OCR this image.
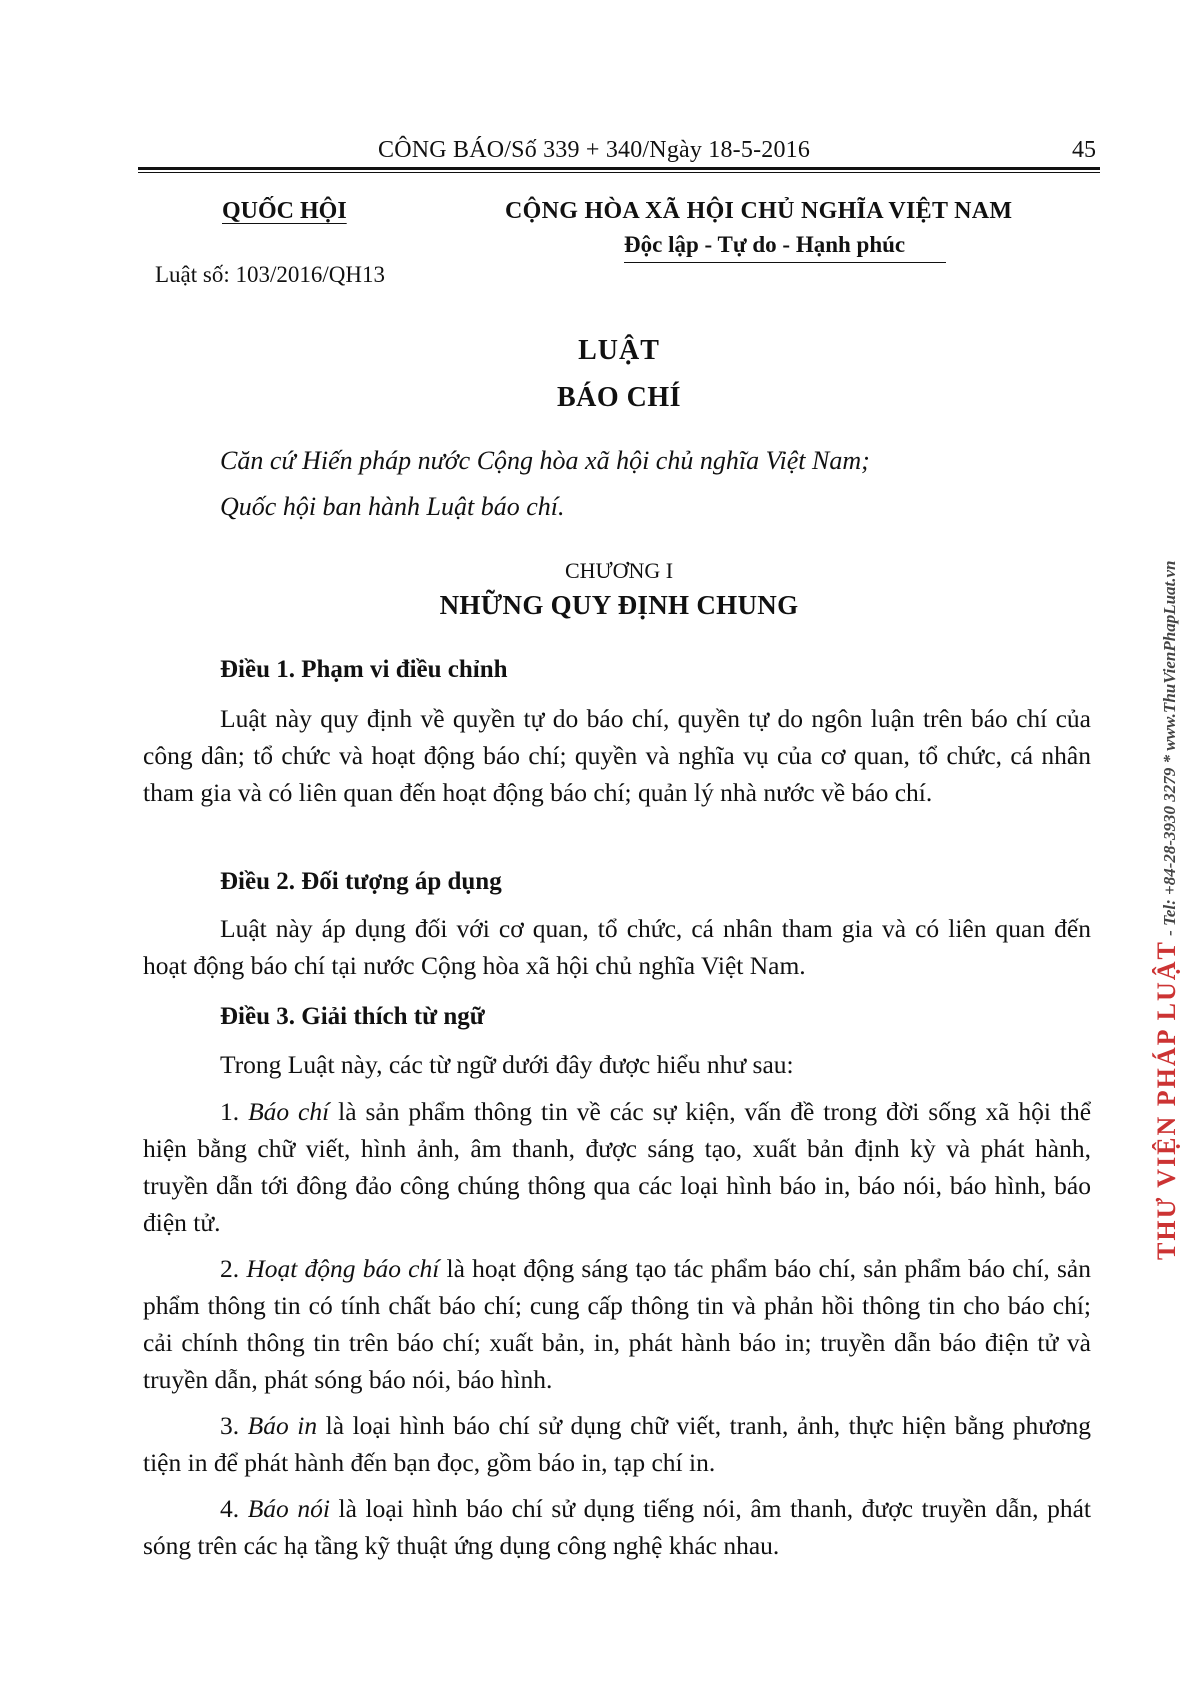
CÔNG BÁO/Số 339 + 340/Ngày 18-5-2016	45
QUỐC HỘI
Luật số: 103/2016/QH13
CỘNG HÒA XÃ HỘI CHỦ NGHĨA VIỆT NAM
Độc lập - Tự do - Hạnh phúc
LUẬT
BÁO CHÍ
Căn cứ Hiến pháp nước Cộng hòa xã hội chủ nghĩa Việt Nam;
Quốc hội ban hành Luật báo chí.
CHƯƠNG I
NHỮNG QUY ĐỊNH CHUNG
Điều 1. Phạm vi điều chỉnh
Luật này quy định về quyền tự do báo chí, quyền tự do ngôn luận trên báo chí của công dân; tổ chức và hoạt động báo chí; quyền và nghĩa vụ của cơ quan, tổ chức, cá nhân tham gia và có liên quan đến hoạt động báo chí; quản lý nhà nước về báo chí.
Điều 2. Đối tượng áp dụng
Luật này áp dụng đối với cơ quan, tổ chức, cá nhân tham gia và có liên quan đến hoạt động báo chí tại nước Cộng hòa xã hội chủ nghĩa Việt Nam.
Điều 3. Giải thích từ ngữ
Trong Luật này, các từ ngữ dưới đây được hiểu như sau:
1. Báo chí là sản phẩm thông tin về các sự kiện, vấn đề trong đời sống xã hội thể hiện bằng chữ viết, hình ảnh, âm thanh, được sáng tạo, xuất bản định kỳ và phát hành, truyền dẫn tới đông đảo công chúng thông qua các loại hình báo in, báo nói, báo hình, báo điện tử.
2. Hoạt động báo chí là hoạt động sáng tạo tác phẩm báo chí, sản phẩm báo chí, sản phẩm thông tin có tính chất báo chí; cung cấp thông tin và phản hồi thông tin cho báo chí; cải chính thông tin trên báo chí; xuất bản, in, phát hành báo in; truyền dẫn báo điện tử và truyền dẫn, phát sóng báo nói, báo hình.
3. Báo in là loại hình báo chí sử dụng chữ viết, tranh, ảnh, thực hiện bằng phương tiện in để phát hành đến bạn đọc, gồm báo in, tạp chí in.
4. Báo nói là loại hình báo chí sử dụng tiếng nói, âm thanh, được truyền dẫn, phát sóng trên các hạ tầng kỹ thuật ứng dụng công nghệ khác nhau.
THƯ VIỆN PHÁP LUẬT - Tel: +84-28-3930 3279 * www.ThuVienPhapLuat.vn
